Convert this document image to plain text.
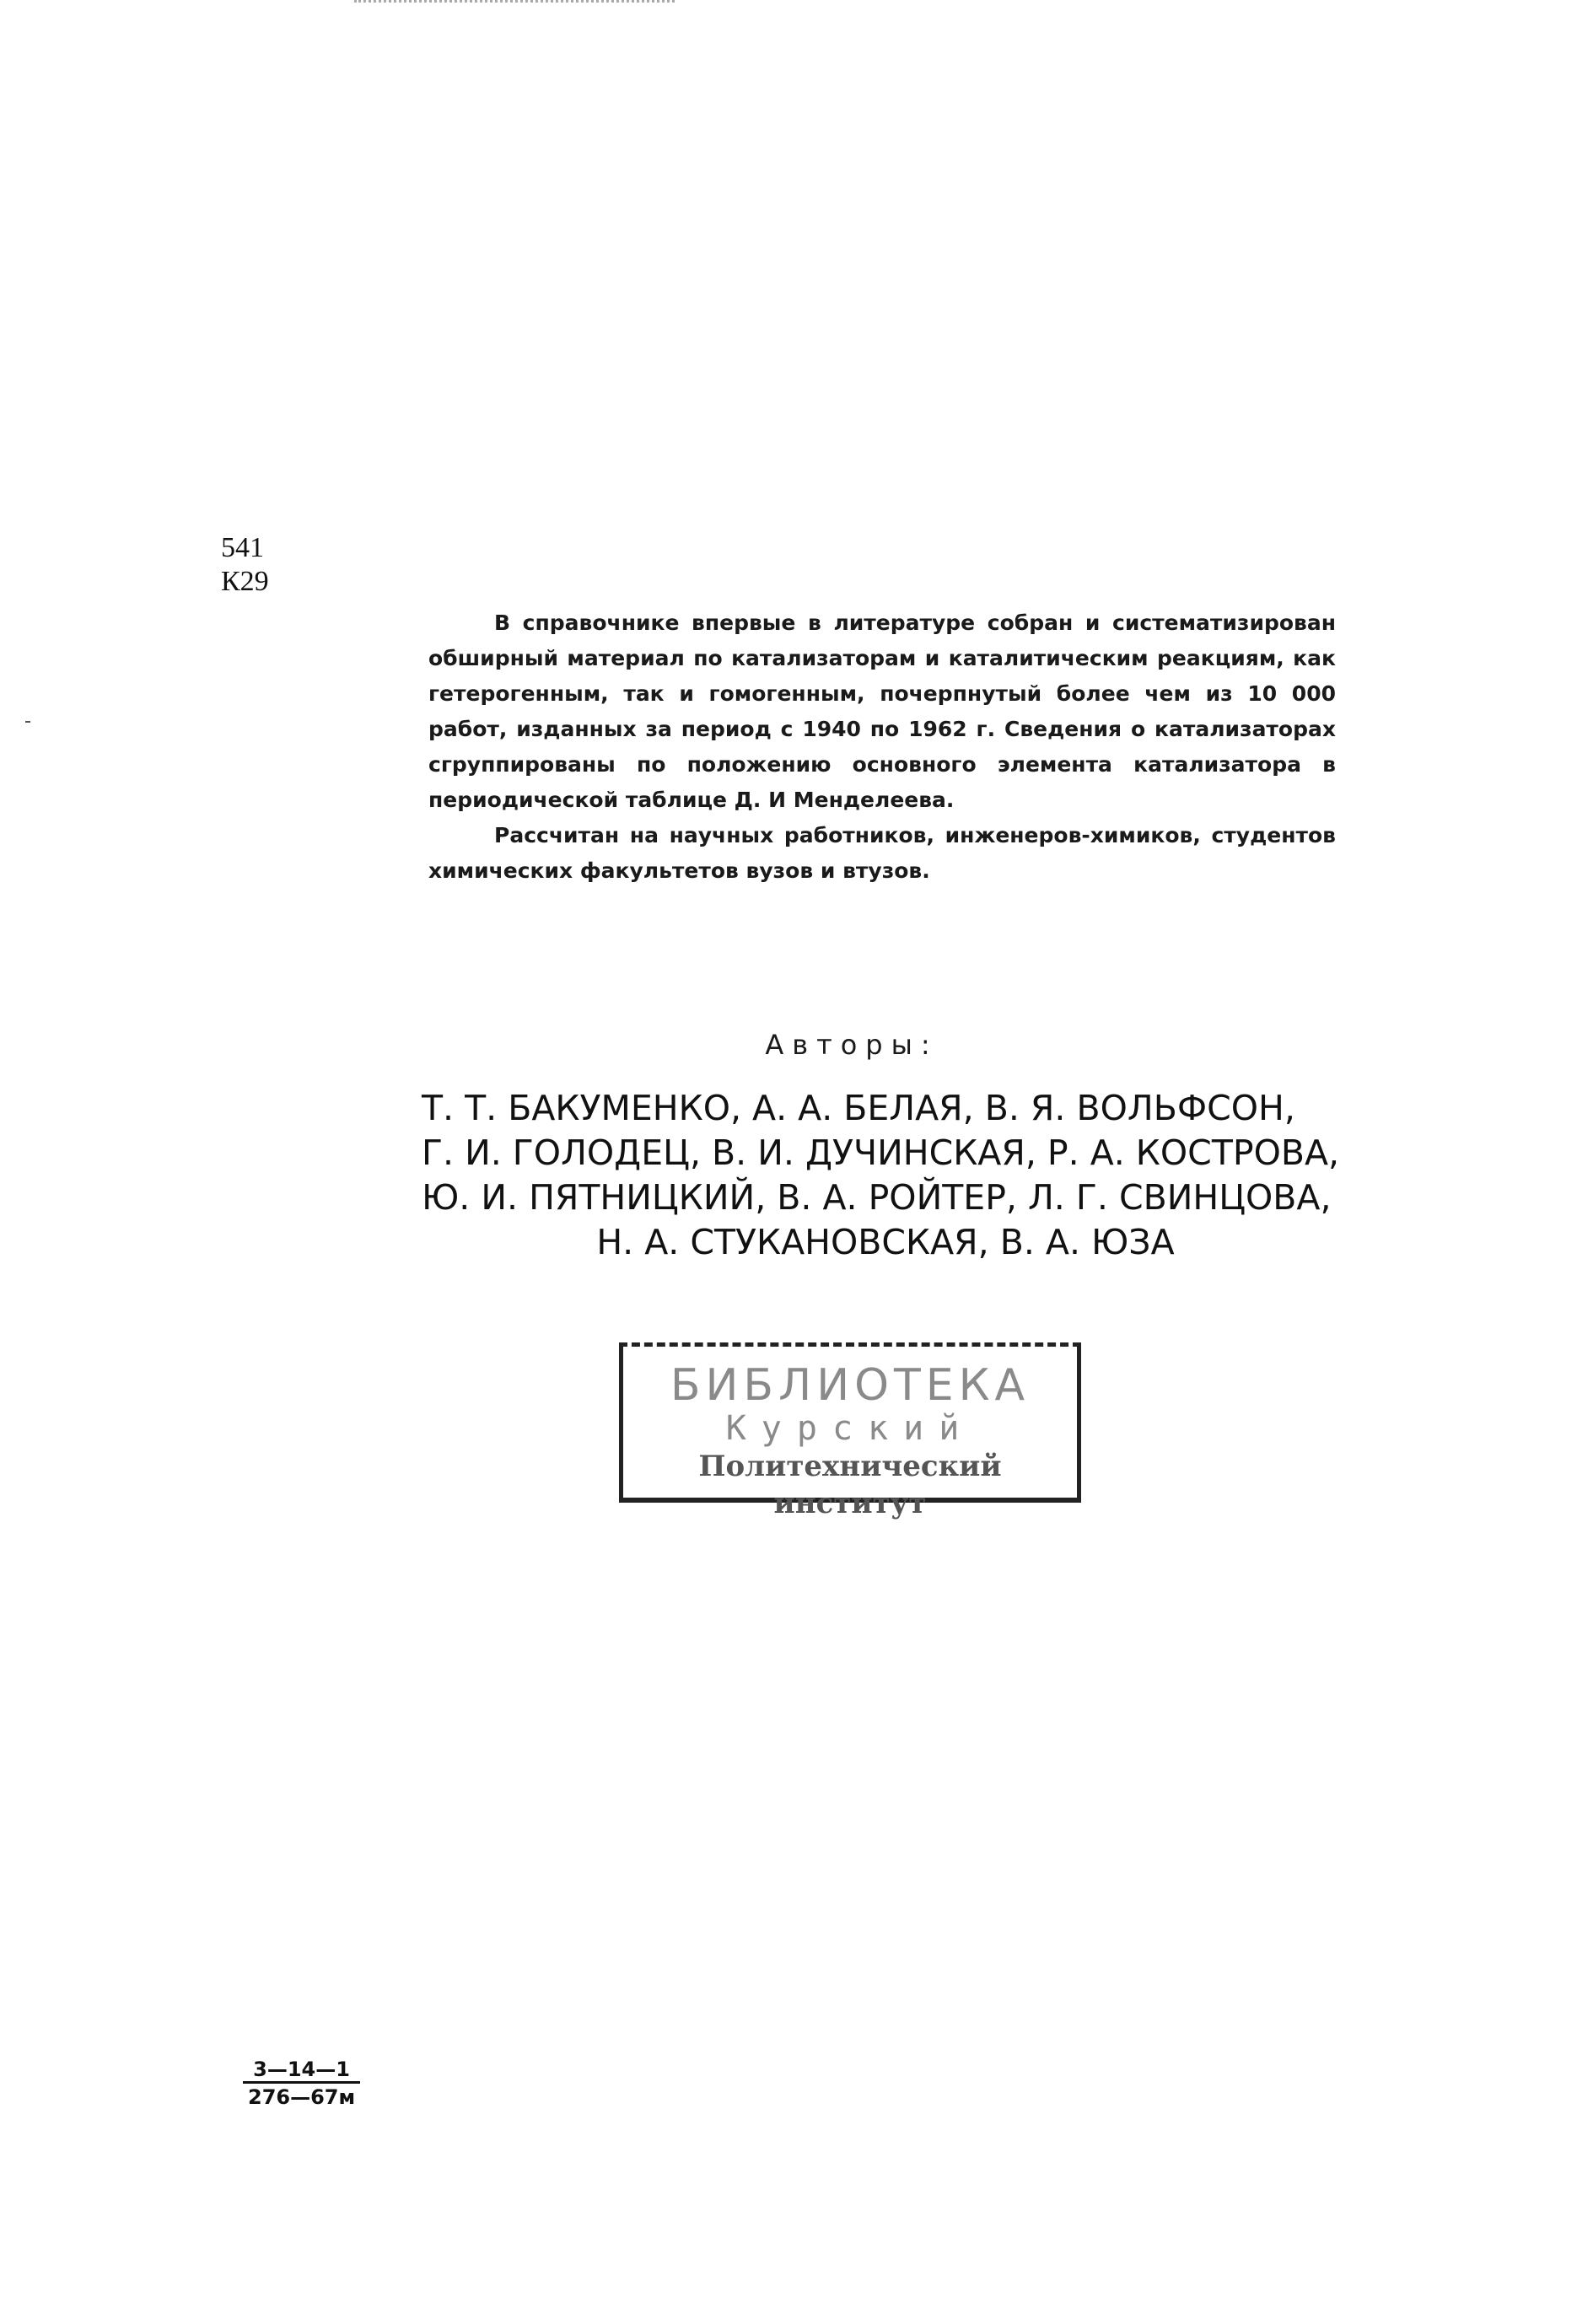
541
К29

В справочнике впервые в литературе собран и систематизирован обширный материал по катализаторам и каталитическим реакциям, как гетерогенным, так и гомогенным, почерпнутый более чем из 10 000 работ, изданных за период с 1940 по 1962 г. Сведения о катализаторах сгруппированы по положению основного элемента катализатора в периодической таблице Д. И Менделеева.

Рассчитан на научных работников, инженеров-химиков, студентов химических факультетов вузов и втузов.

Авторы:
Т. Т. БАКУМЕНКО, А. А. БЕЛАЯ, В. Я. ВОЛЬФСОН,
Г. И. ГОЛОДЕЦ, В. И. ДУЧИНСКАЯ, Р. А. КОСТРОВА,
Ю. И. ПЯТНИЦКИЙ, В. А. РОЙТЕР, Л. Г. СВИНЦОВА,
Н. А. СТУКАНОВСКАЯ, В. А. ЮЗА
БИБЛИОТЕКА
Курский
Политехнический институт
3—14—1
276—67м
